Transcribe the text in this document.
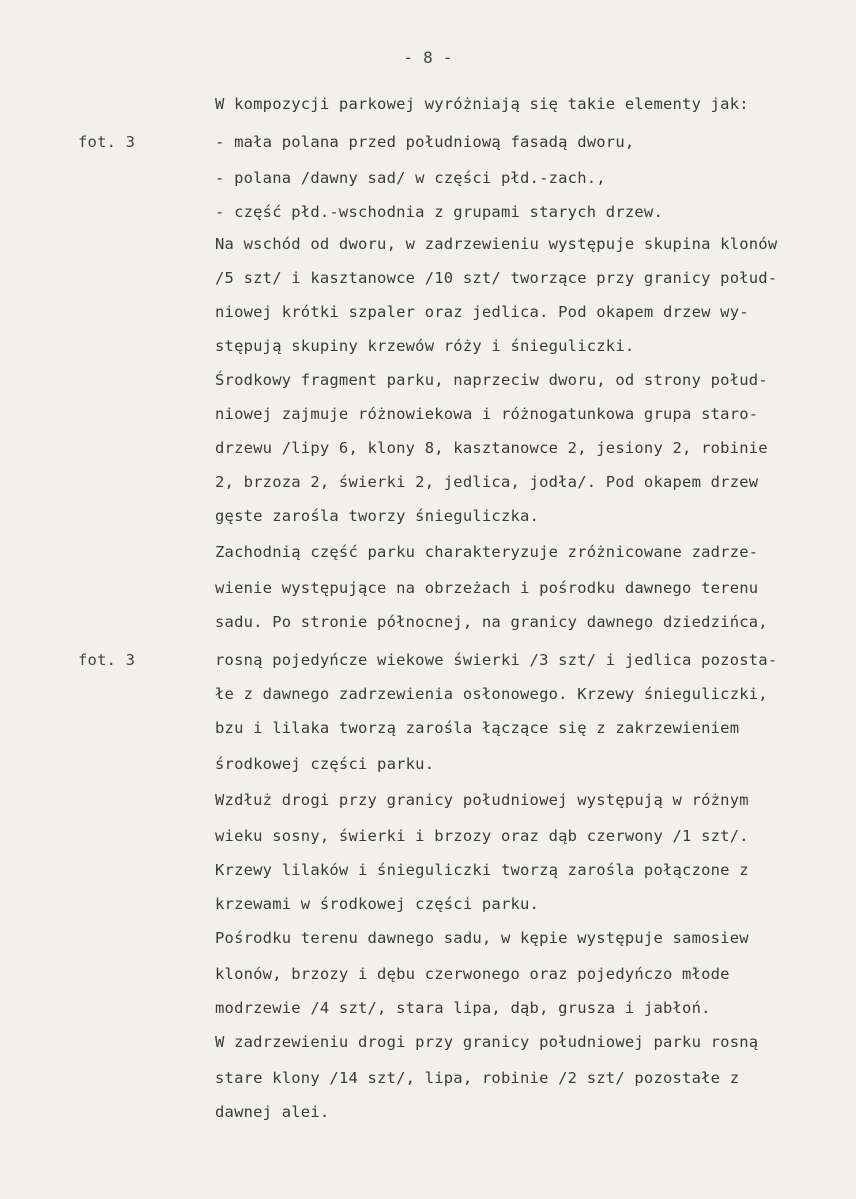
- 8 -
fot. 3
fot. 3
W kompozycji parkowej wyróżniają się takie elementy jak:
- mała polana przed południową fasadą dworu,
- polana /dawny sad/ w części płd.-zach.,
- część płd.-wschodnia z grupami starych drzew.
Na wschód od dworu, w zadrzewieniu występuje skupina klonów
/5 szt/ i kasztanowce /10 szt/ tworzące przy granicy połud-
niowej krótki szpaler oraz jedlica. Pod okapem drzew wy-
stępują skupiny krzewów róży i śnieguliczki.
Środkowy fragment parku, naprzeciw dworu, od strony połud-
niowej zajmuje różnowiekowa i różnogatunkowa grupa staro-
drzewu /lipy 6, klony 8, kasztanowce 2, jesiony 2, robinie
2, brzoza 2, świerki 2, jedlica, jodła/. Pod okapem drzew
gęste zarośla tworzy śnieguliczka.
Zachodnią część parku charakteryzuje zróżnicowane zadrze-
wienie występujące na obrzeżach i pośrodku dawnego terenu
sadu. Po stronie północnej, na granicy dawnego dziedzińca,
rosną pojedyńcze wiekowe świerki /3 szt/ i jedlica pozosta-
łe z dawnego zadrzewienia osłonowego. Krzewy śnieguliczki,
bzu i lilaka tworzą zarośla łączące się z zakrzewieniem
środkowej części parku.
Wzdłuż drogi przy granicy południowej występują w różnym
wieku sosny, świerki i brzozy oraz dąb czerwony /1 szt/.
Krzewy lilaków i śnieguliczki tworzą zarośla połączone z
krzewami w środkowej części parku.
Pośrodku terenu dawnego sadu, w kępie występuje samosiew
klonów, brzozy i dębu czerwonego oraz pojedyńczo młode
modrzewie /4 szt/, stara lipa, dąb, grusza i jabłoń.
W zadrzewieniu drogi przy granicy południowej parku rosną
stare klony /14 szt/, lipa, robinie /2 szt/ pozostałe z
dawnej alei.
